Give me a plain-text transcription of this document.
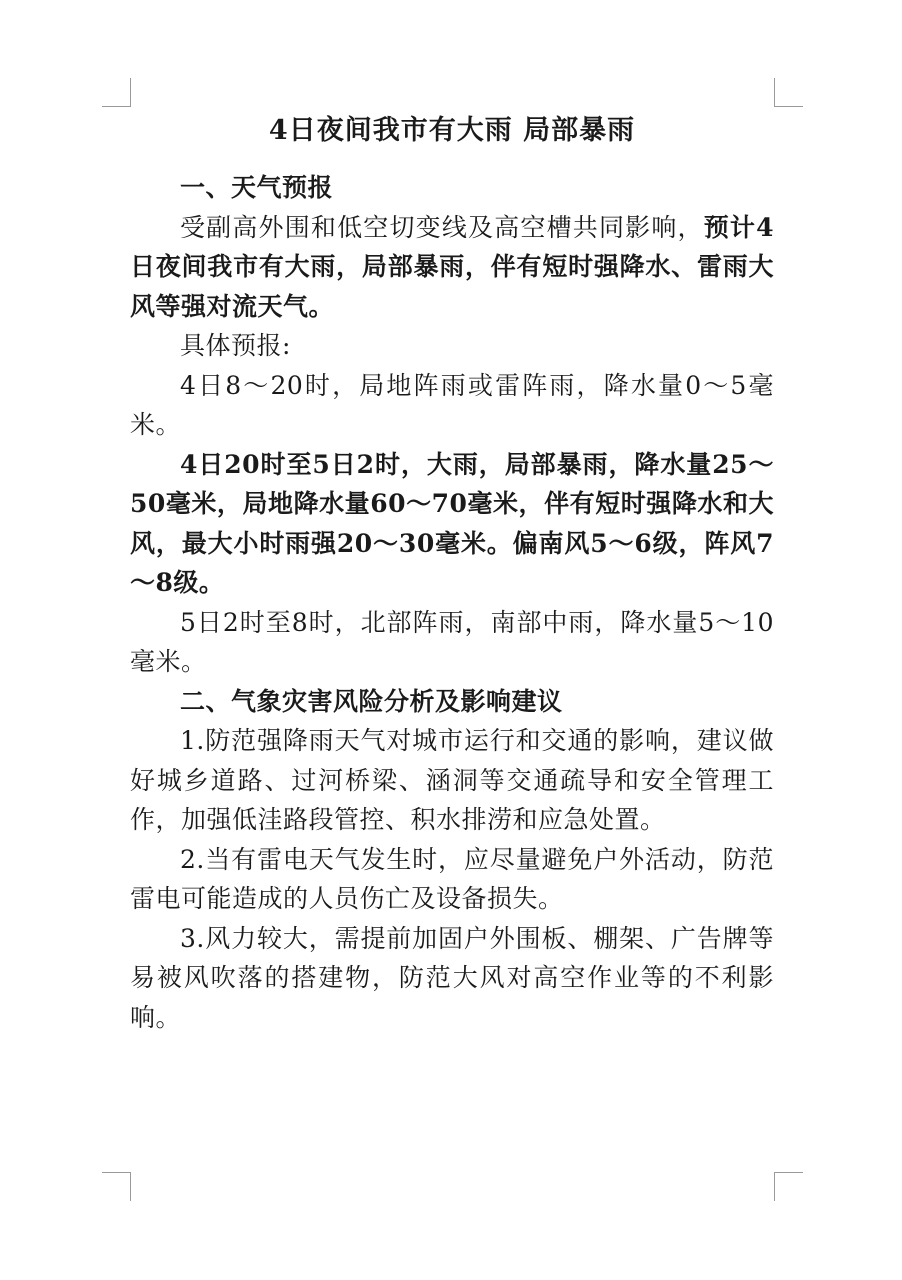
4日夜间我市有大雨 局部暴雨

一、天气预报

受副高外围和低空切变线及高空槽共同影响，预计4日夜间我市有大雨，局部暴雨，伴有短时强降水、雷雨大风等强对流天气。

具体预报:

4日8～20时，局地阵雨或雷阵雨，降水量0～5毫米。

4日20时至5日2时，大雨，局部暴雨，降水量25～50毫米，局地降水量60～70毫米，伴有短时强降水和大风，最大小时雨强20～30毫米。偏南风5～6级，阵风7～8级。

5日2时至8时，北部阵雨，南部中雨，降水量5～10毫米。

二、气象灾害风险分析及影响建议

1.防范强降雨天气对城市运行和交通的影响，建议做好城乡道路、过河桥梁、涵洞等交通疏导和安全管理工作，加强低洼路段管控、积水排涝和应急处置。

2.当有雷电天气发生时，应尽量避免户外活动，防范雷电可能造成的人员伤亡及设备损失。

3.风力较大，需提前加固户外围板、棚架、广告牌等易被风吹落的搭建物，防范大风对高空作业等的不利影响。
